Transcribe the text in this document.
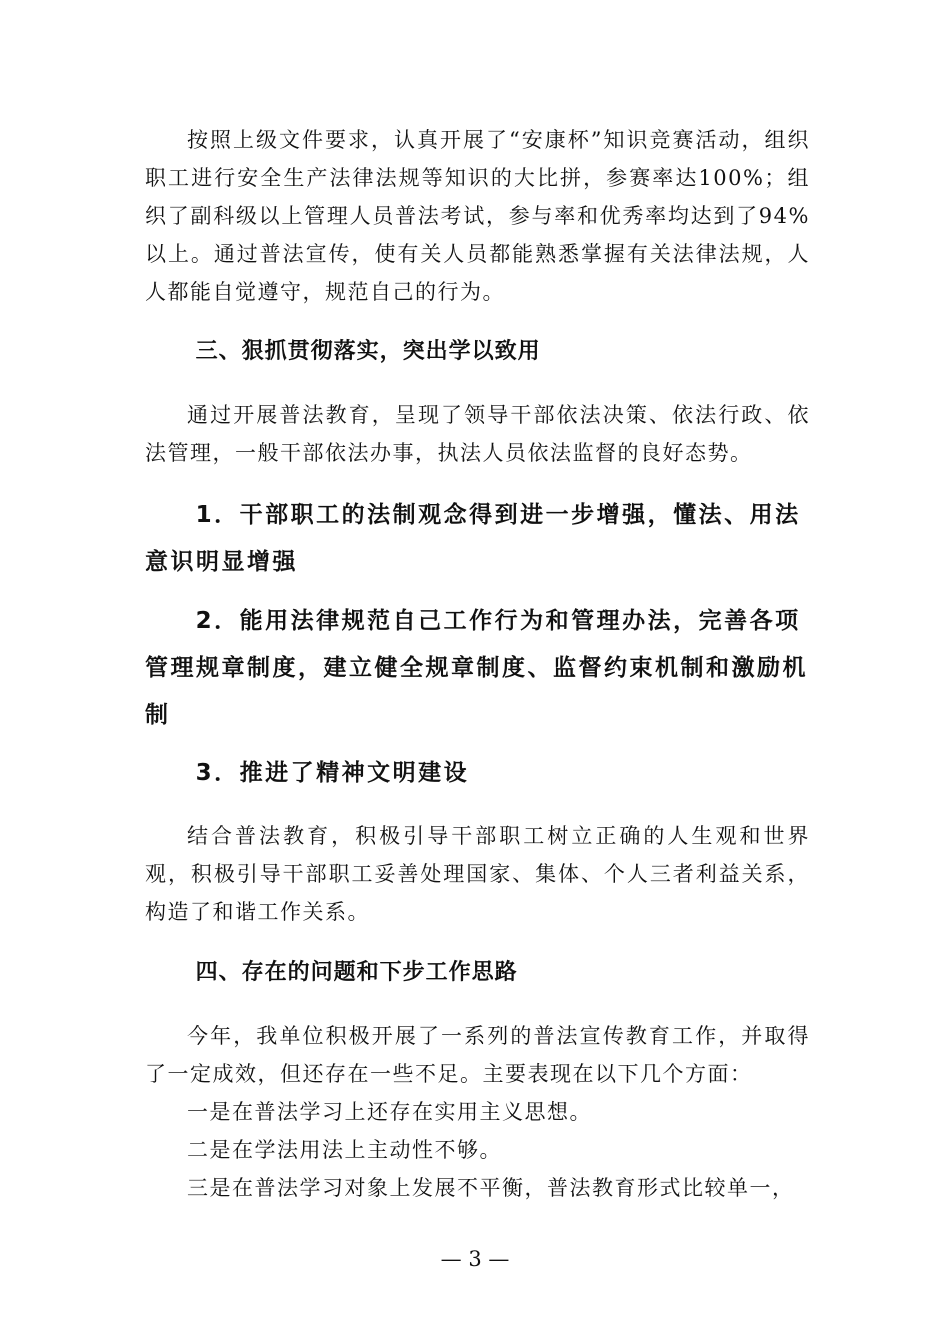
按照上级文件要求，认真开展了“安康杯”知识竞赛活动，组织职工进行安全生产法律法规等知识的大比拼，参赛率达100%；组织了副科级以上管理人员普法考试，参与率和优秀率均达到了94%以上。通过普法宣传，使有关人员都能熟悉掌握有关法律法规，人人都能自觉遵守，规范自己的行为。

三、狠抓贯彻落实，突出学以致用

通过开展普法教育，呈现了领导干部依法决策、依法行政、依法管理，一般干部依法办事，执法人员依法监督的良好态势。

1．干部职工的法制观念得到进一步增强，懂法、用法意识明显增强

2．能用法律规范自己工作行为和管理办法，完善各项管理规章制度，建立健全规章制度、监督约束机制和激励机制

3．推进了精神文明建设

结合普法教育，积极引导干部职工树立正确的人生观和世界观，积极引导干部职工妥善处理国家、集体、个人三者利益关系，构造了和谐工作关系。

四、存在的问题和下步工作思路

今年，我单位积极开展了一系列的普法宣传教育工作，并取得了一定成效，但还存在一些不足。主要表现在以下几个方面：

一是在普法学习上还存在实用主义思想。

二是在学法用法上主动性不够。

三是在普法学习对象上发展不平衡，普法教育形式比较单一，

— 3 —
